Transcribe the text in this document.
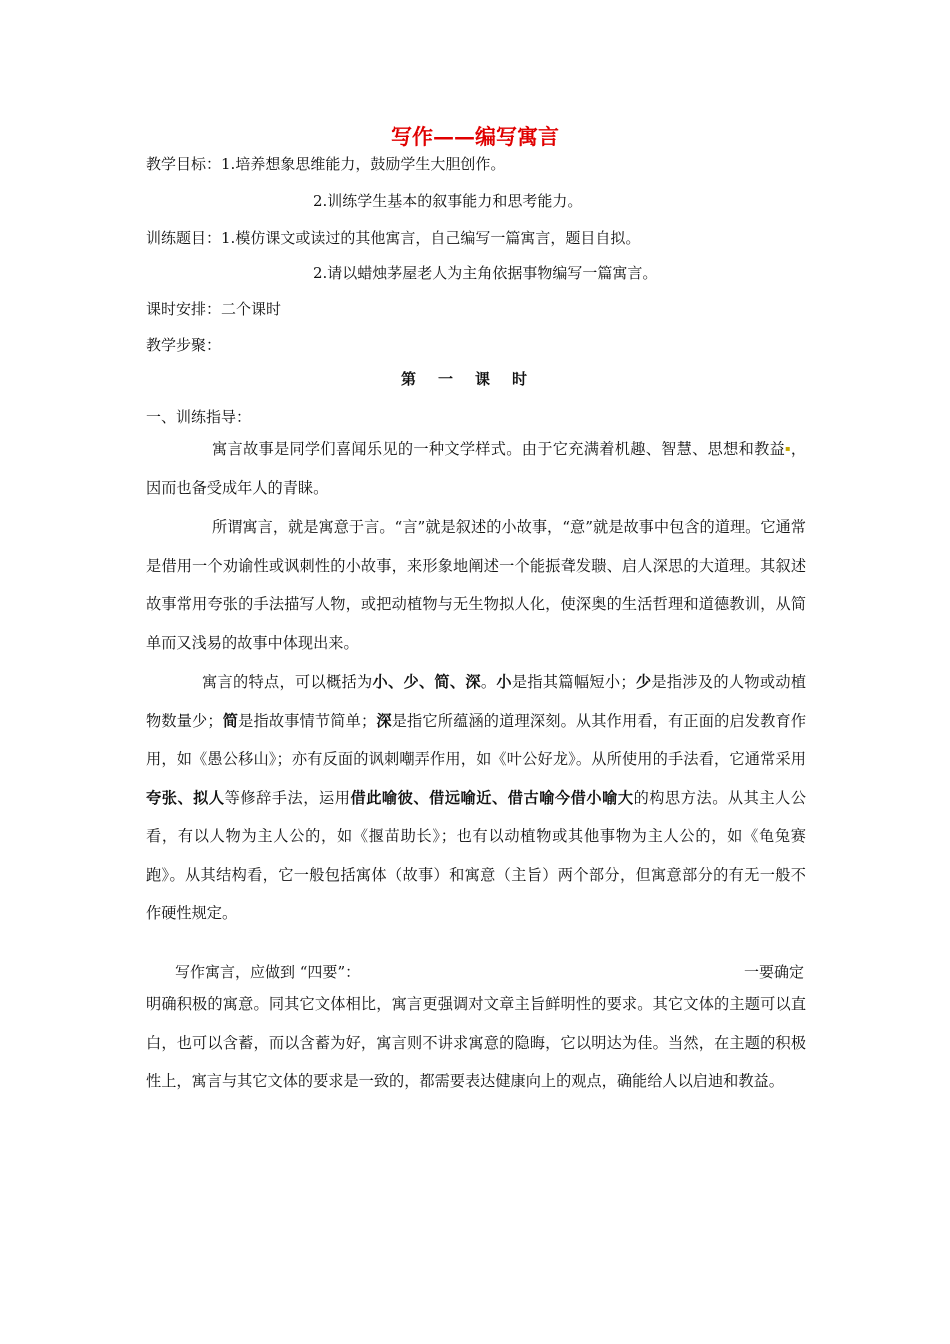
写作——编写寓言
教学目标：1.培养想象思维能力，鼓励学生大胆创作。
2.训练学生基本的叙事能力和思考能力。
训练题目：1.模仿课文或读过的其他寓言，自己编写一篇寓言，题目自拟。
2.请以蜡烛茅屋老人为主角依据事物编写一篇寓言。
课时安排：二个课时
教学步聚：
第一课时
一、训练指导：

寓言故事是同学们喜闻乐见的一种文学样式。由于它充满着机趣、智慧、思想和教益▪，因而也备受成年人的青睐。

所谓寓言，就是寓意于言。“言”就是叙述的小故事，“意”就是故事中包含的道理。它通常是借用一个劝谕性或讽刺性的小故事，来形象地阐述一个能振聋发聩、启人深思的大道理。其叙述故事常用夸张的手法描写人物，或把动植物与无生物拟人化，使深奥的生活哲理和道德教训，从简单而又浅易的故事中体现出来。

寓言的特点，可以概括为小、少、简、深。小是指其篇幅短小；少是指涉及的人物或动植物数量少；简是指故事情节简单；深是指它所蕴涵的道理深刻。从其作用看，有正面的启发教育作用，如《愚公移山》；亦有反面的讽刺嘲弄作用，如《叶公好龙》。从所使用的手法看，它通常采用夸张、拟人等修辞手法，运用借此喻彼、借远喻近、借古喻今借小喻大的构思方法。从其主人公看，有以人物为主人公的，如《揠苗助长》；也有以动植物或其他事物为主人公的，如《龟兔赛跑》。从其结构看，它一般包括寓体（故事）和寓意（主旨）两个部分，但寓意部分的有无一般不作硬性规定。

写作寓言，应做到 “四要”：	一要确定

明确积极的寓意。同其它文体相比，寓言更强调对文章主旨鲜明性的要求。其它文体的主题可以直白，也可以含蓄，而以含蓄为好，寓言则不讲求寓意的隐晦，它以明达为佳。当然，在主题的积极性上，寓言与其它文体的要求是一致的，都需要表达健康向上的观点，确能给人以启迪和教益。
